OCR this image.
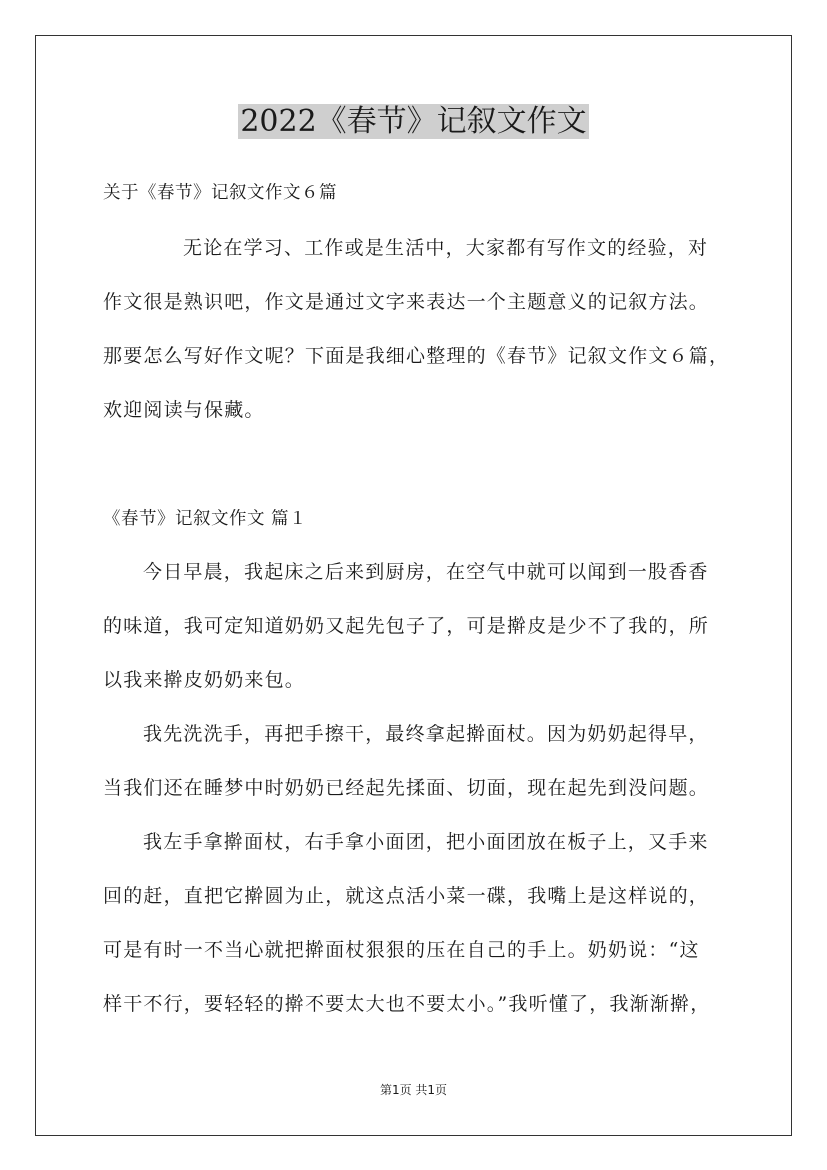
2022《春节》记叙文作文
关于《春节》记叙文作文６篇
无论在学习、工作或是生活中，大家都有写作文的经验，对
作文很是熟识吧，作文是通过文字来表达一个主题意义的记叙方法。
那要怎么写好作文呢？下面是我细心整理的《春节》记叙文作文６篇，
欢迎阅读与保藏。
《春节》记叙文作文 篇１
今日早晨，我起床之后来到厨房，在空气中就可以闻到一股香香
的味道，我可定知道奶奶又起先包子了，可是擀皮是少不了我的，所
以我来擀皮奶奶来包。
我先洗洗手，再把手擦干，最终拿起擀面杖。因为奶奶起得早，
当我们还在睡梦中时奶奶已经起先揉面、切面，现在起先到没问题。
我左手拿擀面杖，右手拿小面团，把小面团放在板子上，又手来
回的赶，直把它擀圆为止，就这点活小菜一碟，我嘴上是这样说的，
可是有时一不当心就把擀面杖狠狠的压在自己的手上。奶奶说：“这
样干不行，要轻轻的擀不要太大也不要太小。”我听懂了，我渐渐擀，
第1页 共1页
